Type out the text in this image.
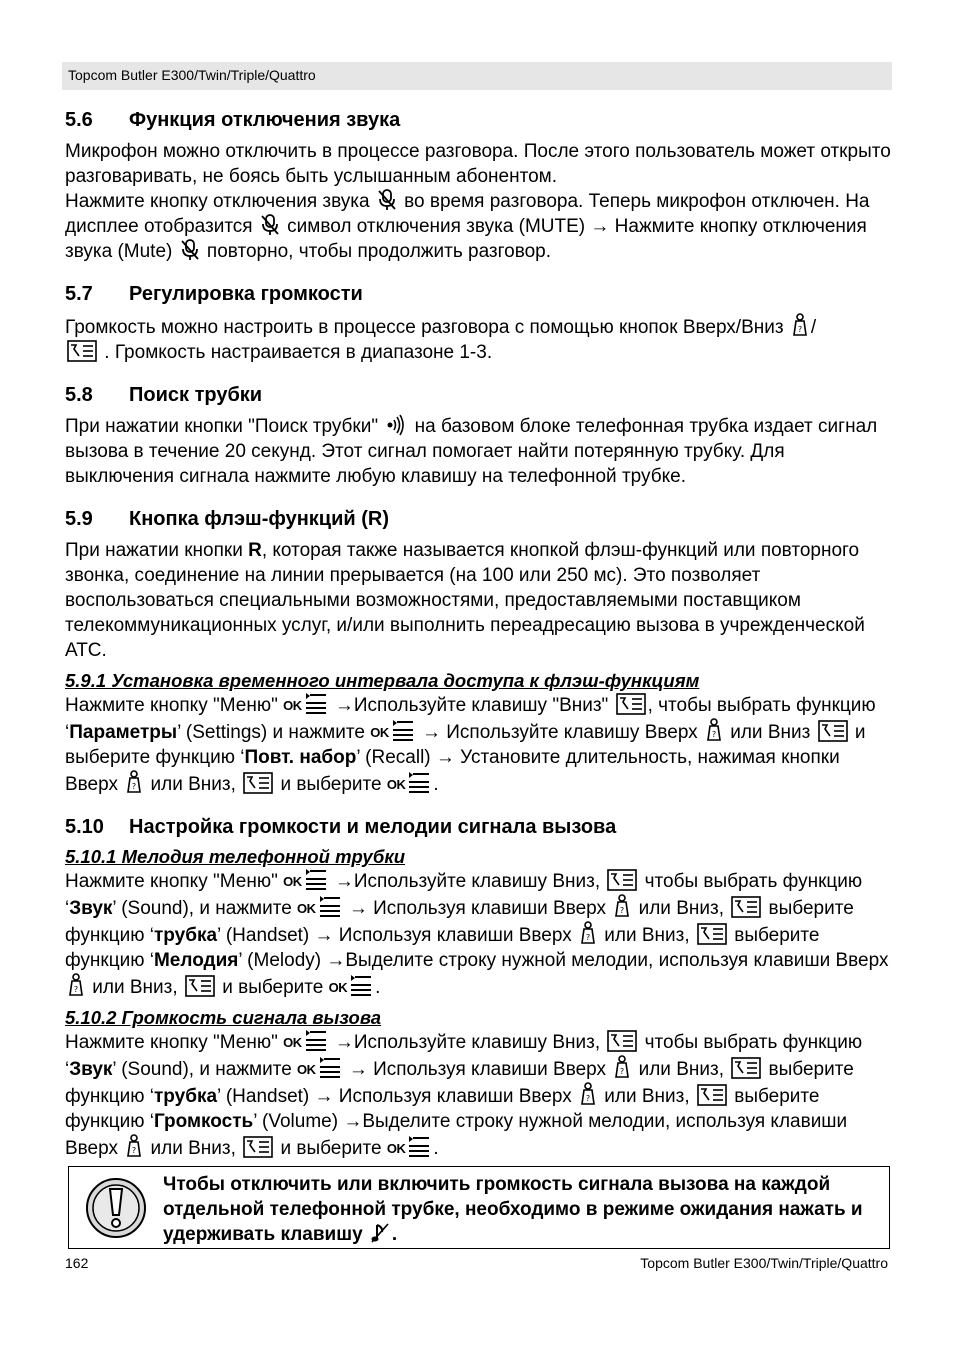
Topcom Butler E300/Twin/Triple/Quattro
5.6 Функция отключения звука

Микрофон можно отключить в процессе разговора. После этого пользователь может открыто разговаривать, не боясь быть услышанным абонентом.
Нажмите кнопку отключения звука во время разговора. Теперь микрофон отключен. На дисплее отобразится символ отключения звука (MUTE) → Нажмите кнопку отключения звука (Mute) повторно, чтобы продолжить разговор.

5.7 Регулировка громкости

Громкость можно настроить в процессе разговора с помощью кнопок Вверх/Вниз /
. Громкость настраивается в диапазоне 1-3.

5.8 Поиск трубки

При нажатии кнопки "Поиск трубки" на базовом блоке телефонная трубка издает сигнал вызова в течение 20 секунд. Этот сигнал помогает найти потерянную трубку. Для выключения сигнала нажмите любую клавишу на телефонной трубке.

5.9 Кнопка флэш-функций (R)

При нажатии кнопки R, которая также называется кнопкой флэш-функций или повторного звонка, соединение на линии прерывается (на 100 или 250 мс). Это позволяет воспользоваться специальными возможностями, предоставляемыми поставщиком телекоммуникационных услуг, и/или выполнить переадресацию вызова в учрежденческой АТС.

5.9.1 Установка временного интервала доступа к флэш-функциям

Нажмите кнопку "Меню" OK →Используйте клавишу "Вниз" , чтобы выбрать функцию ‘Параметры’ (Settings) и нажмите OK → Используйте клавишу Вверх или Вниз и выберите функцию ‘Повт. набор’ (Recall) → Установите длительность, нажимая кнопки Вверх или Вниз, и выберите OK .

5.10 Настройка громкости и мелодии сигнала вызова
5.10.1 Мелодия телефонной трубки

Нажмите кнопку "Меню" OK →Используйте клавишу Вниз, чтобы выбрать функцию ‘Звук’ (Sound), и нажмите OK → Используя клавиши Вверх или Вниз, выберите функцию ‘трубка’ (Handset) → Используя клавиши Вверх или Вниз, выберите функцию ‘Мелодия’ (Melody) →Выделите строку нужной мелодии, используя клавиши Вверх  или Вниз, и выберите OK .

5.10.2 Громкость сигнала вызова

Нажмите кнопку "Меню" OK →Используйте клавишу Вниз, чтобы выбрать функцию ‘Звук’ (Sound), и нажмите OK → Используя клавиши Вверх или Вниз, выберите функцию ‘трубка’ (Handset) → Используя клавиши Вверх или Вниз, выберите функцию ‘Громкость’ (Volume) →Выделите строку нужной мелодии, используя клавиши Вверх или Вниз, и выберите OK .

Чтобы отключить или включить громкость сигнала вызова на каждой отдельной телефонной трубке, необходимо в режиме ожидания нажать и удерживать клавишу .
162	Topcom Butler E300/Twin/Triple/Quattro
